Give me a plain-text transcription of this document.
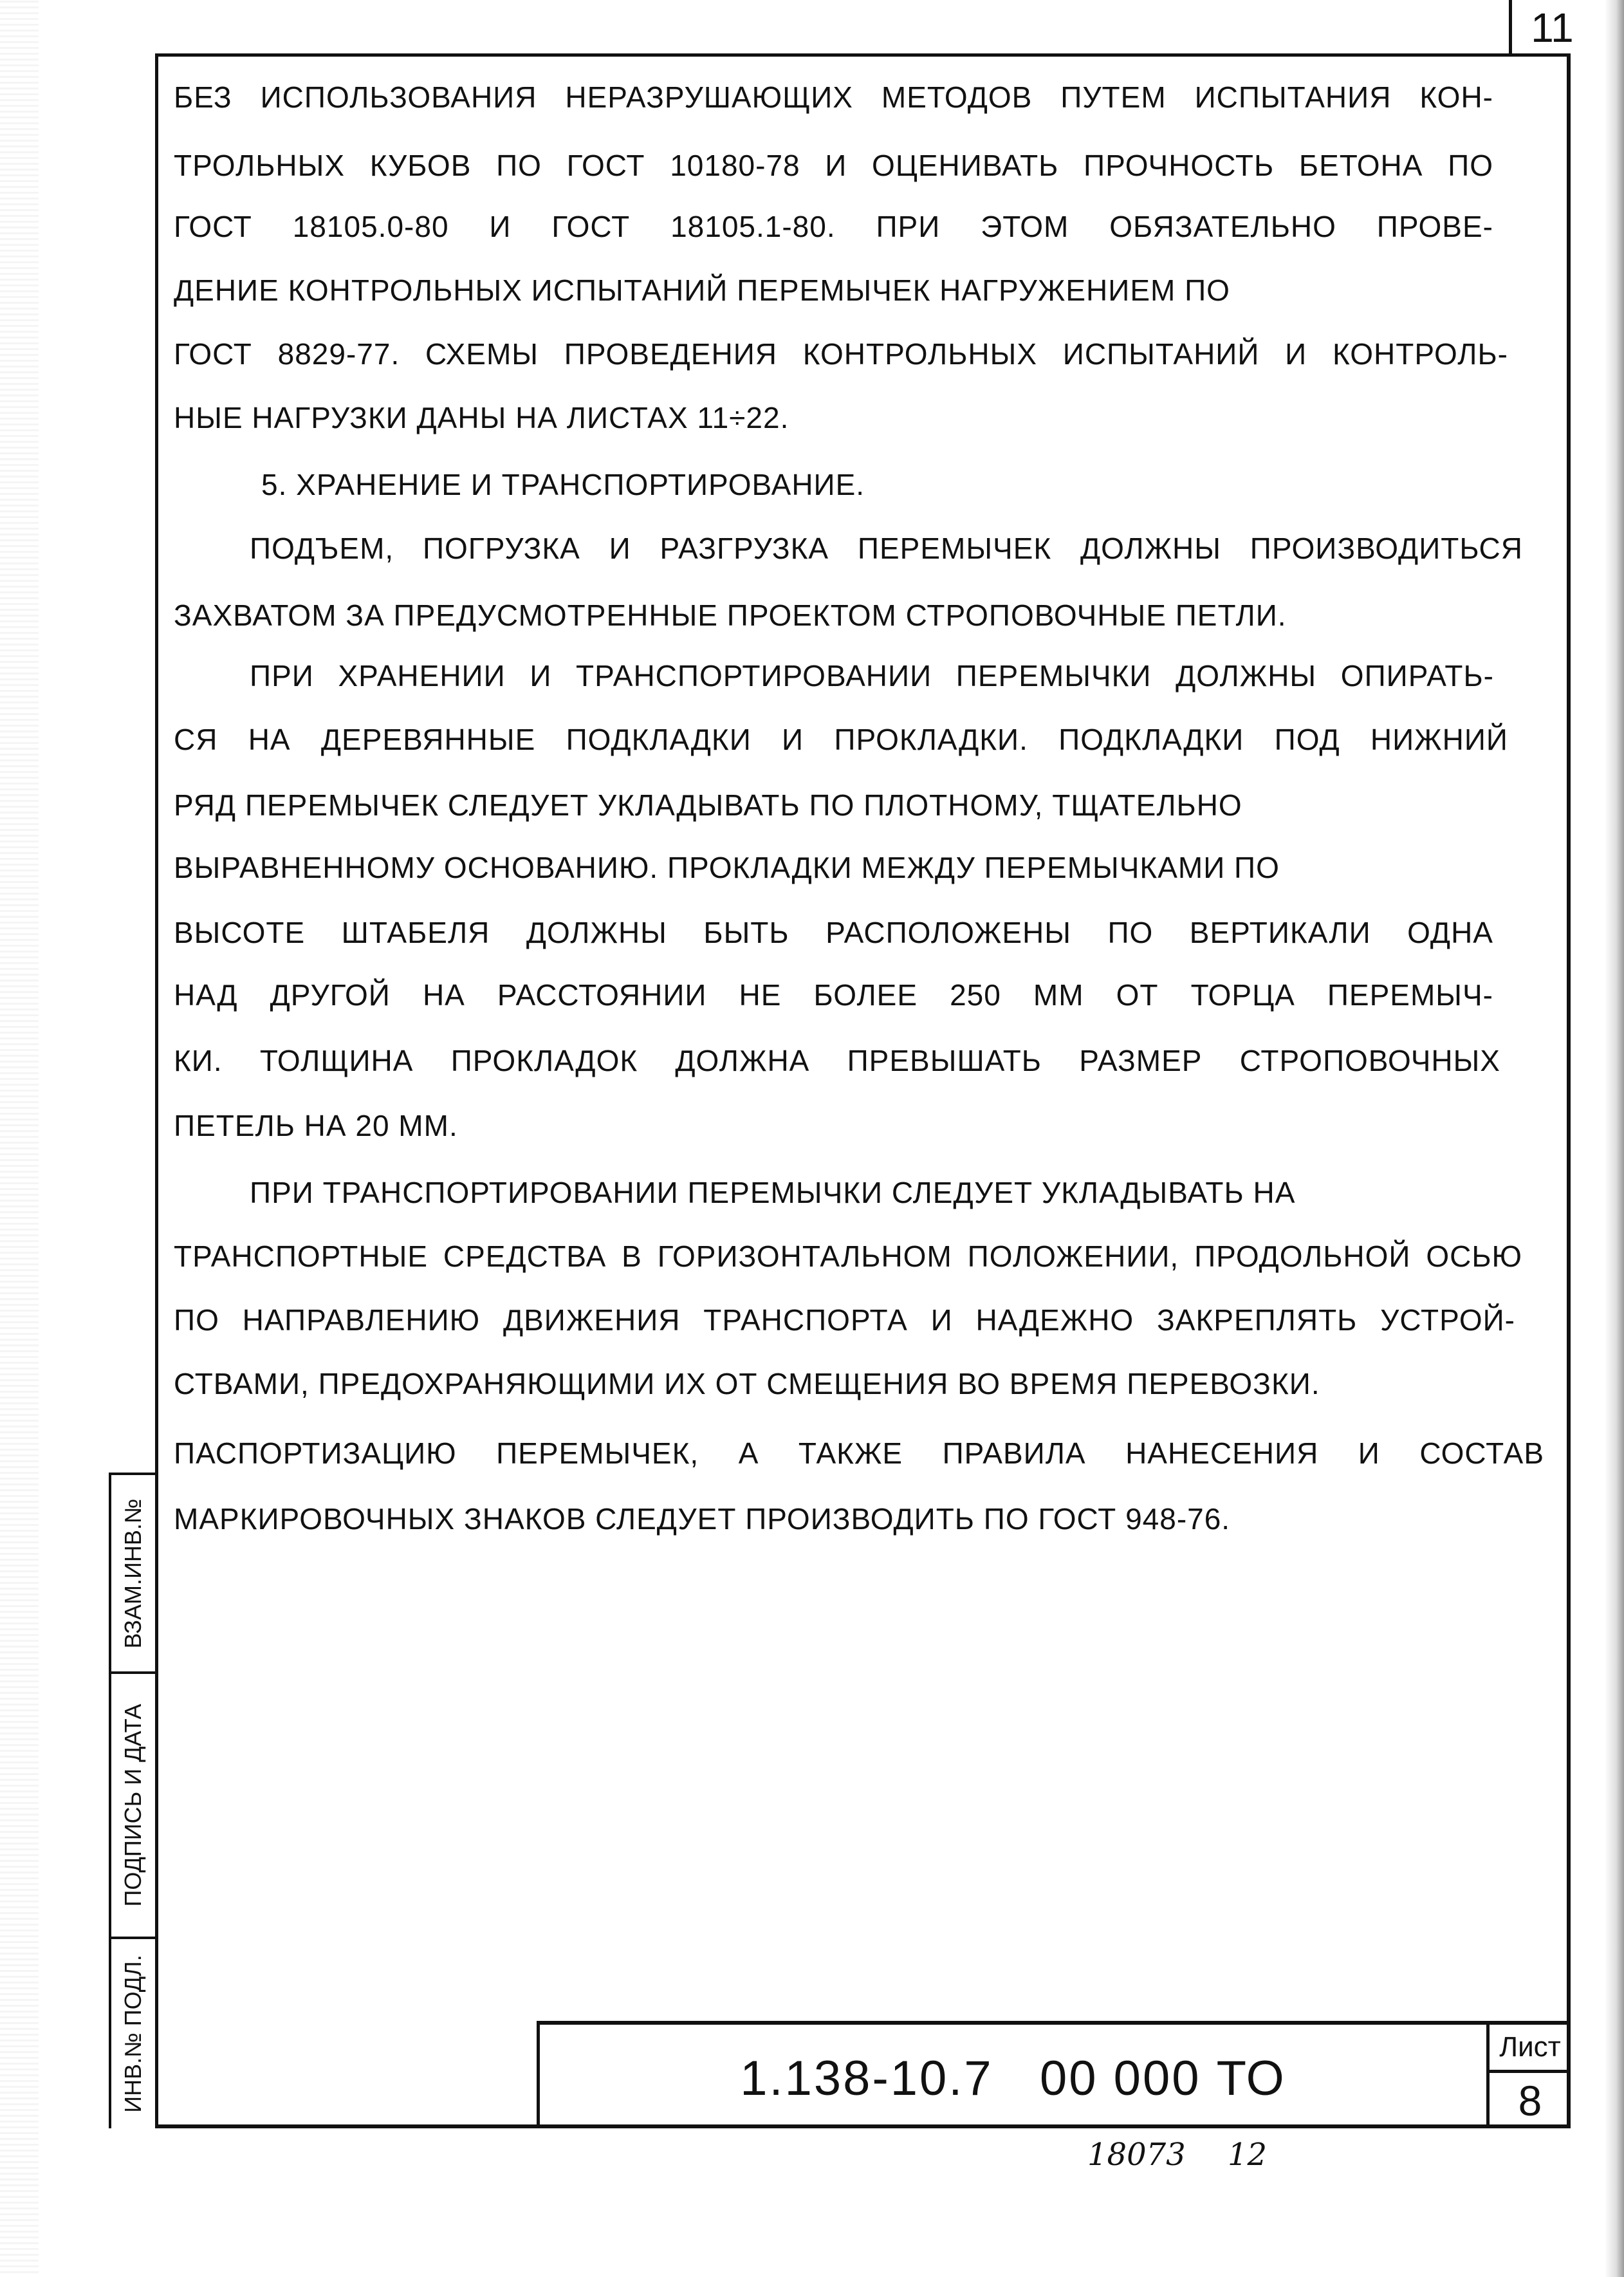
11
БЕЗ ИСПОЛЬЗОВАНИЯ НЕРАЗРУШАЮЩИХ МЕТОДОВ ПУТЕМ ИСПЫТАНИЯ КОН-
ТРОЛЬНЫХ КУБОВ ПО ГОСТ 10180-78 И ОЦЕНИВАТЬ ПРОЧНОСТЬ БЕТОНА ПО
ГОСТ 18105.0-80 И ГОСТ 18105.1-80. ПРИ ЭТОМ ОБЯЗАТЕЛЬНО ПРОВЕ-
ДЕНИЕ КОНТРОЛЬНЫХ ИСПЫТАНИЙ ПЕРЕМЫЧЕК НАГРУЖЕНИЕМ ПО
ГОСТ 8829-77. СХЕМЫ ПРОВЕДЕНИЯ КОНТРОЛЬНЫХ ИСПЫТАНИЙ И КОНТРОЛЬ-
НЫЕ НАГРУЗКИ ДАНЫ НА ЛИСТАХ 11÷22.
5. ХРАНЕНИЕ И ТРАНСПОРТИРОВАНИЕ.
ПОДЪЕМ, ПОГРУЗКА И РАЗГРУЗКА ПЕРЕМЫЧЕК ДОЛЖНЫ ПРОИЗВОДИТЬСЯ
ЗАХВАТОМ ЗА ПРЕДУСМОТРЕННЫЕ ПРОЕКТОМ СТРОПОВОЧНЫЕ ПЕТЛИ.
ПРИ ХРАНЕНИИ И ТРАНСПОРТИРОВАНИИ ПЕРЕМЫЧКИ ДОЛЖНЫ ОПИРАТЬ-
СЯ НА ДЕРЕВЯННЫЕ ПОДКЛАДКИ И ПРОКЛАДКИ. ПОДКЛАДКИ ПОД НИЖНИЙ
РЯД ПЕРЕМЫЧЕК СЛЕДУЕТ УКЛАДЫВАТЬ ПО ПЛОТНОМУ, ТЩАТЕЛЬНО
ВЫРАВНЕННОМУ ОСНОВАНИЮ. ПРОКЛАДКИ МЕЖДУ ПЕРЕМЫЧКАМИ ПО
ВЫСОТЕ ШТАБЕЛЯ ДОЛЖНЫ БЫТЬ РАСПОЛОЖЕНЫ ПО ВЕРТИКАЛИ ОДНА
НАД ДРУГОЙ НА РАССТОЯНИИ НЕ БОЛЕЕ 250 ММ ОТ ТОРЦА ПЕРЕМЫЧ-
КИ. ТОЛЩИНА ПРОКЛАДОК ДОЛЖНА ПРЕВЫШАТЬ РАЗМЕР СТРОПОВОЧНЫХ
ПЕТЕЛЬ НА 20 ММ.
ПРИ ТРАНСПОРТИРОВАНИИ ПЕРЕМЫЧКИ СЛЕДУЕТ УКЛАДЫВАТЬ НА
ТРАНСПОРТНЫЕ СРЕДСТВА В ГОРИЗОНТАЛЬНОМ ПОЛОЖЕНИИ, ПРОДОЛЬНОЙ ОСЬЮ
ПО НАПРАВЛЕНИЮ ДВИЖЕНИЯ ТРАНСПОРТА И НАДЕЖНО ЗАКРЕПЛЯТЬ УСТРОЙ-
СТВАМИ, ПРЕДОХРАНЯЮЩИМИ ИХ ОТ СМЕЩЕНИЯ ВО ВРЕМЯ ПЕРЕВОЗКИ.
ПАСПОРТИЗАЦИЮ ПЕРЕМЫЧЕК, А ТАКЖЕ ПРАВИЛА НАНЕСЕНИЯ И СОСТАВ
МАРКИРОВОЧНЫХ ЗНАКОВ СЛЕДУЕТ ПРОИЗВОДИТЬ ПО ГОСТ 948-76.
ВЗАМ.ИНВ.№
ПОДПИСЬ И ДАТА
ИНВ.№ ПОДЛ.	1.138-10.7   00 000 ТО
Лист
8
18073 12
